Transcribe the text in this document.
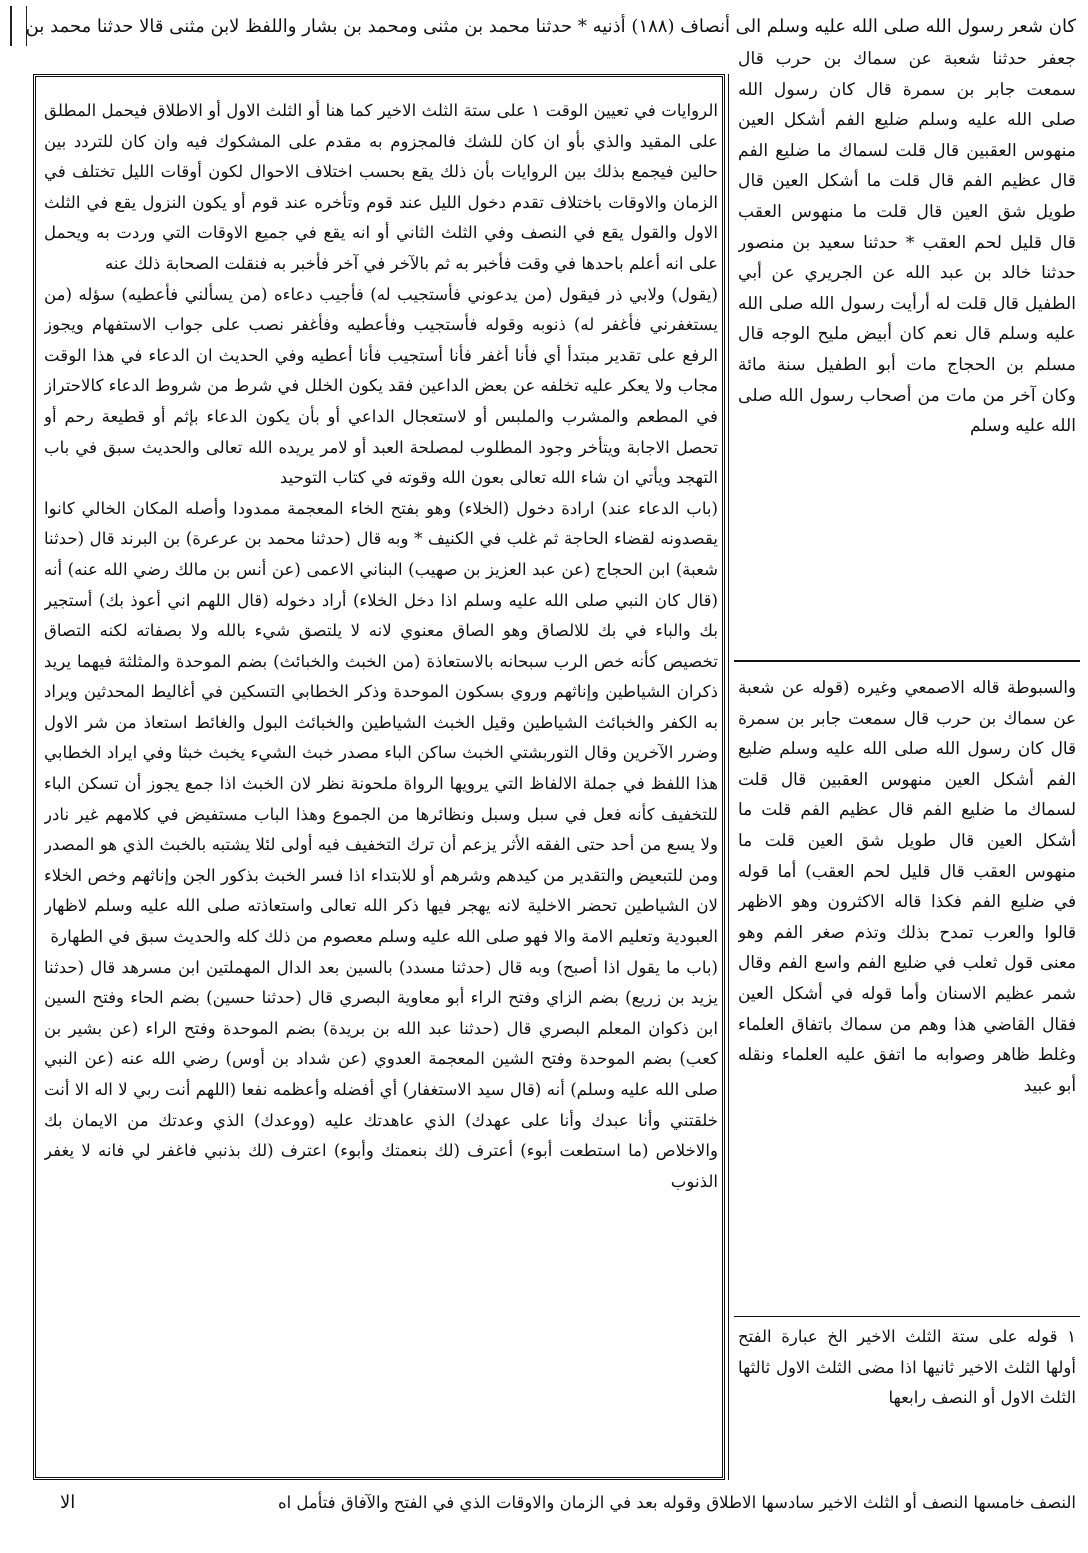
كان شعر رسول الله صلى الله عليه وسلم الى أنصاف (١٨٨) أذنيه * حدثنا محمد بن مثنى ومحمد بن بشار واللفظ لابن مثنى قالا حدثنا محمد بن

الروايات في تعيين الوقت ١ على ستة الثلث الاخير كما هنا أو الثلث الاول أو الاطلاق فيحمل المطلق على المقيد والذي بأو ان كان للشك فالمجزوم به مقدم على المشكوك فيه وان كان للتردد بين حالين فيجمع بذلك بين الروايات بأن ذلك يقع بحسب اختلاف الاحوال لكون أوقات الليل تختلف في الزمان والاوقات باختلاف تقدم دخول الليل عند قوم وتأخره عند قوم أو يكون النزول يقع في الثلث الاول والقول يقع في النصف وفي الثلث الثاني أو انه يقع في جميع الاوقات التي وردت به ويحمل على انه أعلم باحدها في وقت فأخبر به ثم بالآخر في آخر فأخبر به فنقلت الصحابة ذلك عنه

(يقول) ولابي ذر فيقول (من يدعوني فأستجيب له) فأجيب دعاءه (من يسألني فأعطيه) سؤله (من يستغفرني فأغفر له) ذنوبه وقوله فأستجيب وفأعطيه وفأغفر نصب على جواب الاستفهام ويجوز الرفع على تقدير مبتدأ أي فأنا أغفر فأنا أستجيب فأنا أعطيه وفي الحديث ان الدعاء في هذا الوقت مجاب ولا يعكر عليه تخلفه عن بعض الداعين فقد يكون الخلل في شرط من شروط الدعاء كالاحتراز في المطعم والمشرب والملبس أو لاستعجال الداعي أو بأن يكون الدعاء بإثم أو قطيعة رحم أو تحصل الاجابة ويتأخر وجود المطلوب لمصلحة العبد أو لامر يريده الله تعالى والحديث سبق في باب التهجد ويأتي ان شاء الله تعالى بعون الله وقوته في كتاب التوحيد

(باب الدعاء عند) ارادة دخول (الخلاء) وهو بفتح الخاء المعجمة ممدودا وأصله المكان الخالي كانوا يقصدونه لقضاء الحاجة ثم غلب في الكنيف * وبه قال (حدثنا محمد بن عرعرة) بن البرند قال (حدثنا شعبة) ابن الحجاج (عن عبد العزيز بن صهيب) البناني الاعمى (عن أنس بن مالك رضي الله عنه) أنه (قال كان النبي صلى الله عليه وسلم اذا دخل الخلاء) أراد دخوله (قال اللهم اني أعوذ بك) أستجير بك والباء في بك للالصاق وهو الصاق معنوي لانه لا يلتصق شيء بالله ولا بصفاته لكنه التصاق تخصيص كأنه خص الرب سبحانه بالاستعاذة (من الخبث والخبائث) بضم الموحدة والمثلثة فيهما يريد ذكران الشياطين وإناثهم وروي بسكون الموحدة وذكر الخطابي التسكين في أغاليط المحدثين ويراد به الكفر والخبائث الشياطين وقيل الخبث الشياطين والخبائث البول والغائط استعاذ من شر الاول وضرر الآخرين وقال التوربشتي الخبث ساكن الباء مصدر خبث الشيء يخبث خبثا وفي ايراد الخطابي هذا اللفظ في جملة الالفاظ التي يرويها الرواة ملحونة نظر لان الخبث اذا جمع يجوز أن تسكن الباء للتخفيف كأنه فعل في سبل وسبل ونظائرها من الجموع وهذا الباب مستفيض في كلامهم غير نادر ولا يسع من أحد حتى الفقه الأثر يزعم أن ترك التخفيف فيه أولى لئلا يشتبه بالخبث الذي هو المصدر ومن للتبعيض والتقدير من كيدهم وشرهم أو للابتداء اذا فسر الخبث بذكور الجن وإناثهم وخص الخلاء لان الشياطين تحضر الاخلية لانه يهجر فيها ذكر الله تعالى واستعاذته صلى الله عليه وسلم لاظهار العبودية وتعليم الامة والا فهو صلى الله عليه وسلم معصوم من ذلك كله والحديث سبق في الطهارة

(باب ما يقول اذا أصبح) وبه قال (حدثنا مسدد) بالسين بعد الدال المهملتين ابن مسرهد قال (حدثنا يزيد بن زريع) بضم الزاي وفتح الراء أبو معاوية البصري قال (حدثنا حسين) بضم الحاء وفتح السين ابن ذكوان المعلم البصري قال (حدثنا عبد الله بن بريدة) بضم الموحدة وفتح الراء (عن بشير بن كعب) بضم الموحدة وفتح الشين المعجمة العدوي (عن شداد بن أوس) رضي الله عنه (عن النبي صلى الله عليه وسلم) أنه (قال سيد الاستغفار) أي أفضله وأعظمه نفعا (اللهم أنت ربي لا اله الا أنت خلقتني وأنا عبدك وأنا على عهدك) الذي عاهدتك عليه (ووعدك) الذي وعدتك من الايمان بك والاخلاص (ما استطعت أبوء) أعترف (لك بنعمتك وأبوء) اعترف (لك بذنبي فاغفر لي فانه لا يغفر الذنوب

جعفر حدثنا شعبة عن سماك بن حرب قال سمعت جابر بن سمرة قال كان رسول الله صلى الله عليه وسلم ضليع الفم أشكل العين منهوس العقبين قال قلت لسماك ما ضليع الفم قال عظيم الفم قال قلت ما أشكل العين قال طويل شق العين قال قلت ما منهوس العقب قال قليل لحم العقب * حدثنا سعيد بن منصور حدثنا خالد بن عبد الله عن الجريري عن أبي الطفيل قال قلت له أرأيت رسول الله صلى الله عليه وسلم قال نعم كان أبيض مليح الوجه قال مسلم بن الحجاج مات أبو الطفيل سنة مائة وكان آخر من مات من أصحاب رسول الله صلى الله عليه وسلم
والسبوطة قاله الاصمعي وغيره (قوله عن شعبة عن سماك بن حرب قال سمعت جابر بن سمرة قال كان رسول الله صلى الله عليه وسلم ضليع الفم أشكل العين منهوس العقبين قال قلت لسماك ما ضليع الفم قال عظيم الفم قلت ما أشكل العين قال طويل شق العين قلت ما منهوس العقب قال قليل لحم العقب) أما قوله في ضليع الفم فكذا قاله الاكثرون وهو الاظهر قالوا والعرب تمدح بذلك وتذم صغر الفم وهو معنى قول ثعلب في ضليع الفم واسع الفم وقال شمر عظيم الاسنان وأما قوله في أشكل العين فقال القاضي هذا وهم من سماك باتفاق العلماء وغلط ظاهر وصوابه ما اتفق عليه العلماء ونقله أبو عبيد
١ قوله على ستة الثلث الاخير الخ عبارة الفتح أولها الثلث الاخير ثانيها اذا مضى الثلث الاول ثالثها الثلث الاول أو النصف رابعها
النصف خامسها النصف أو الثلث الاخير سادسها الاطلاق وقوله بعد في الزمان والاوقات الذي في الفتح والآفاق فتأمل اه
الا
